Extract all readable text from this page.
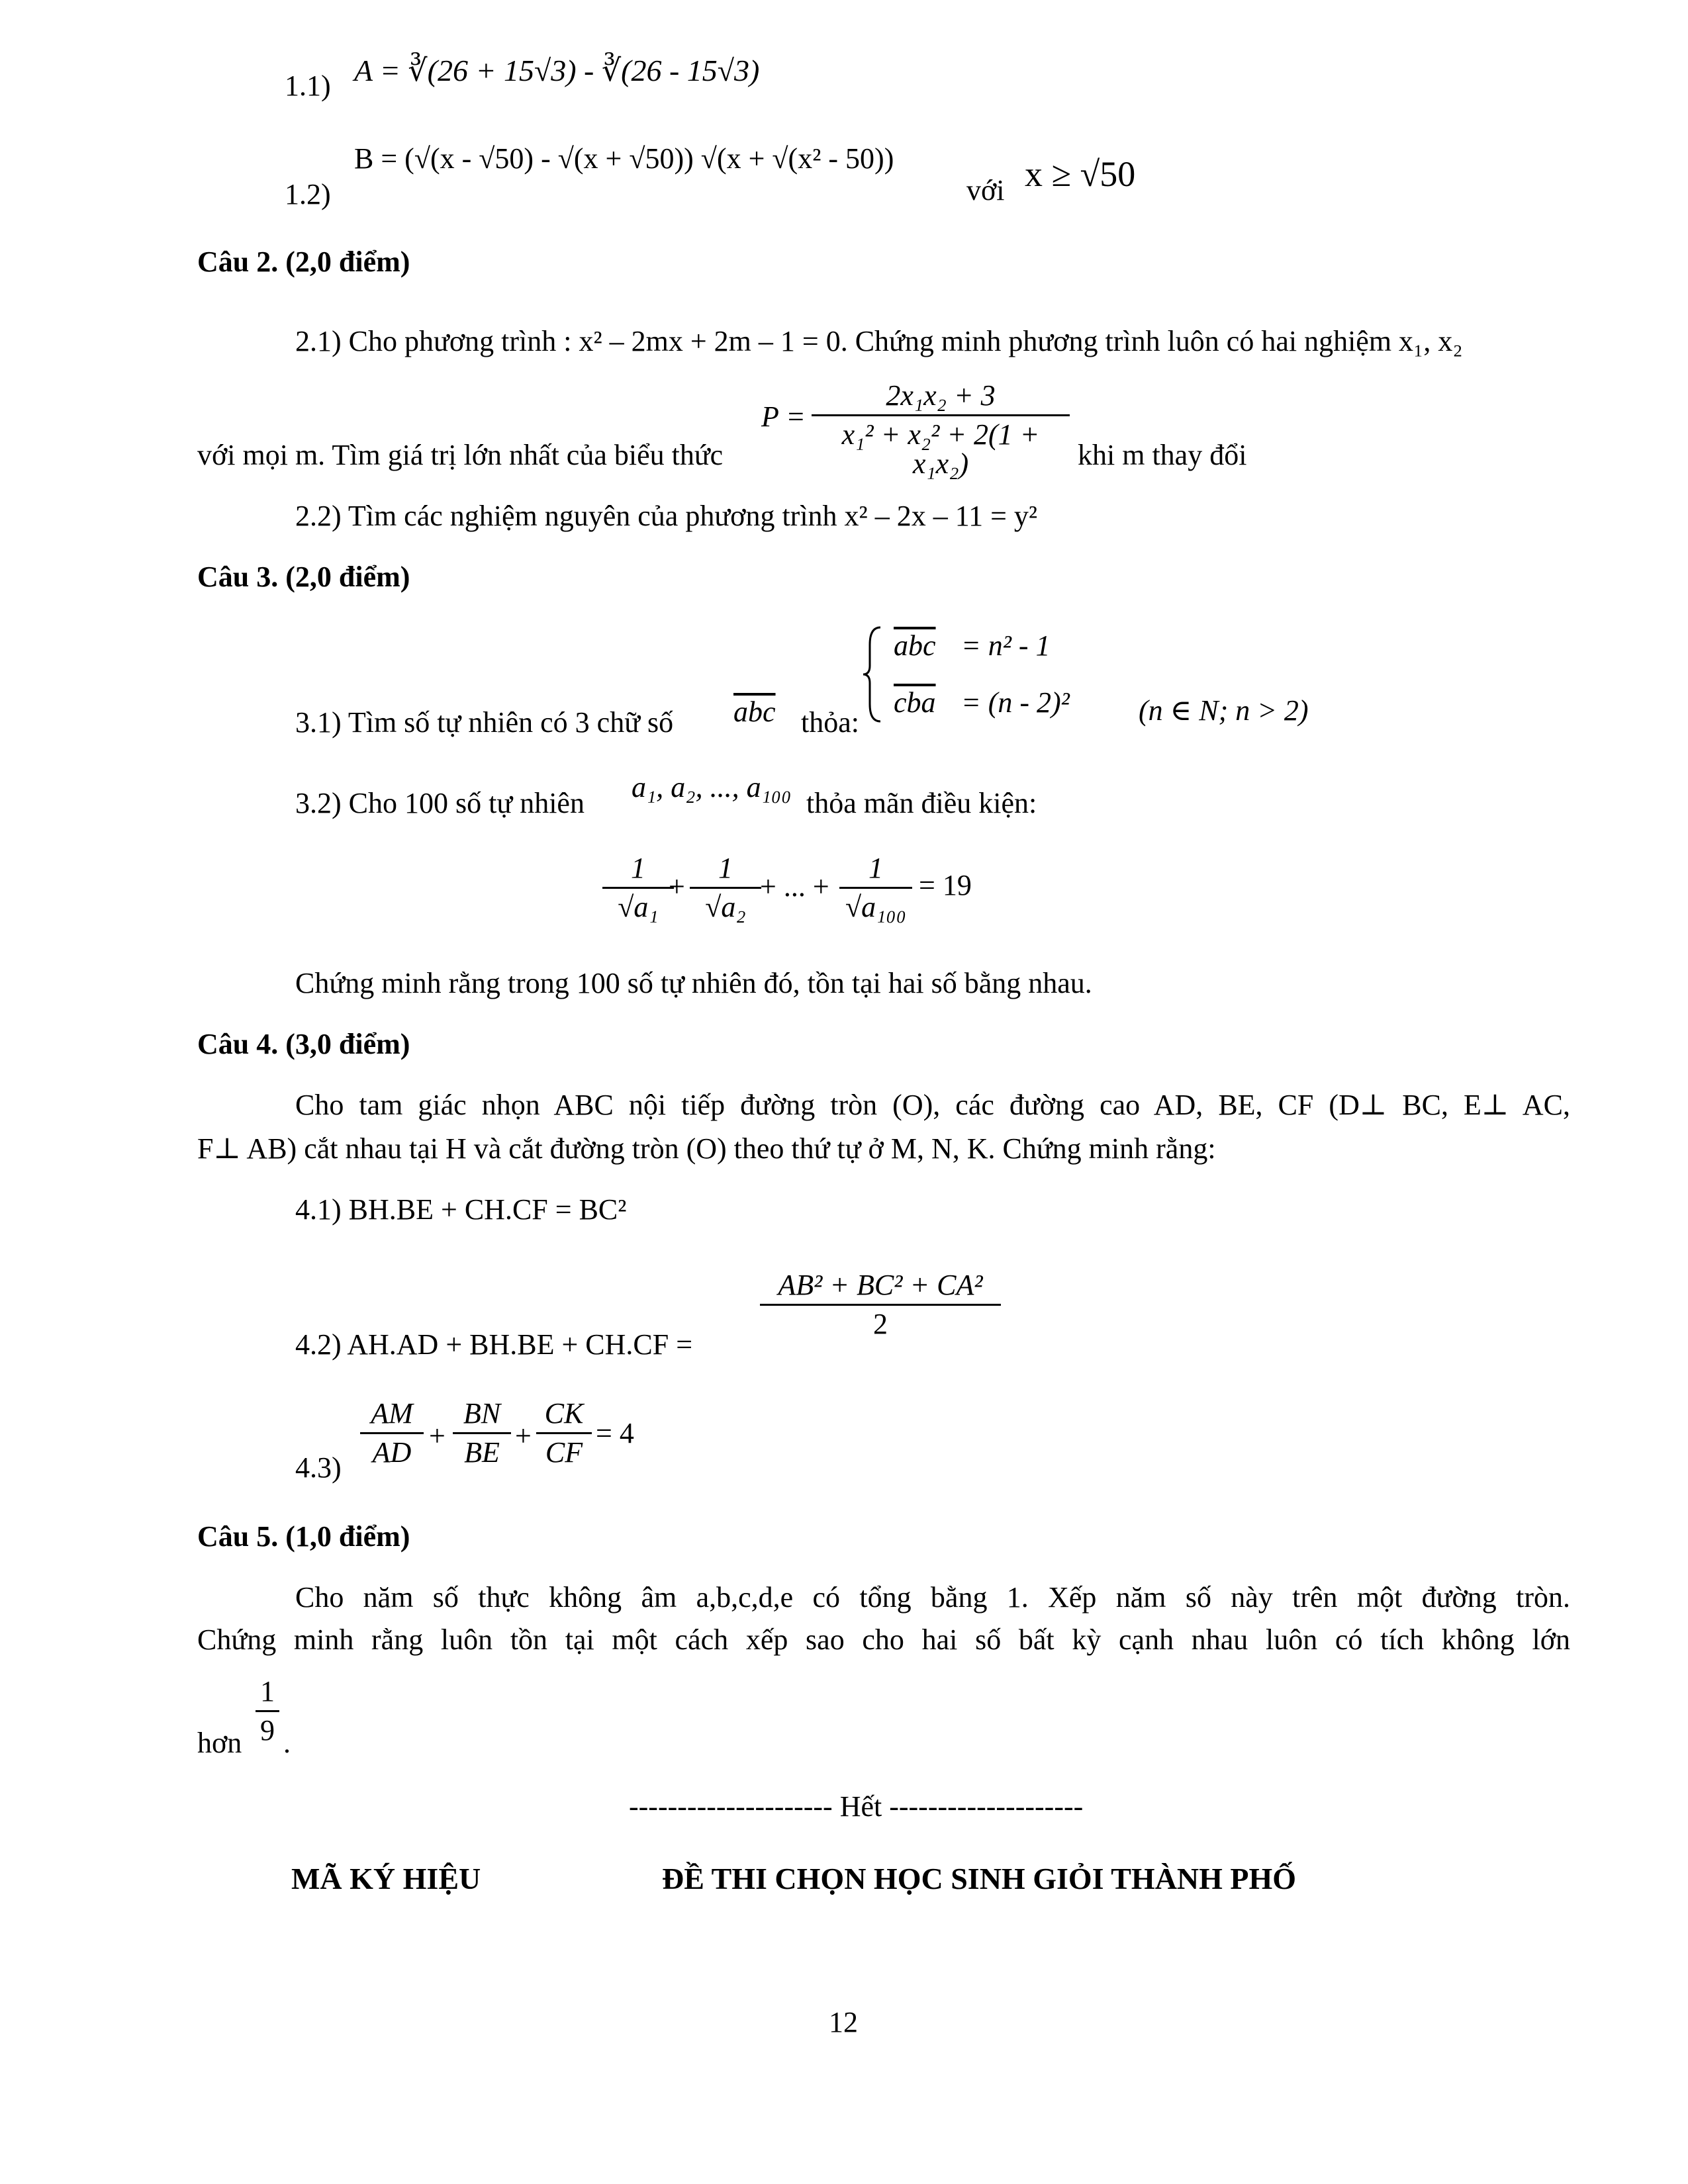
1.1) A = ∛(26 + 15√3) - ∛(26 - 15√3)
1.2)
B = (√(x - √50) - √(x + √50)) √(x + √(x² - 50))
với x ≥ √50
Câu 2. (2,0 điểm)
2.1) Cho phương trình : x² – 2mx + 2m – 1 = 0. Chứng minh phương trình luôn có hai nghiệm x₁, x₂
P =
2x₁x₂ + 3
x₁² + x₂² + 2(1 + x₁x₂)
với mọi m. Tìm giá trị lớn nhất của biểu thức	khi m thay đổi
2.2) Tìm các nghiệm nguyên của phương trình x² – 2x – 11 = y²
Câu 3. (2,0 điểm)
3.1) Tìm số tự nhiên có 3 chữ số $\overline{abc}$ thỏa:
$\overline{abc} = n^2 - 1$
$\overline{cba} = (n - 2)^2$ (n ∈ N; n > 2)
3.2) Cho 100 số tự nhiên a₁, a₂, ..., a₁₀₀ thỏa mãn điều kiện:
1
√a₁
+
1
√a₂
+ ... +
1
√a₁₀₀
= 19
Chứng minh rằng trong 100 số tự nhiên đó, tồn tại hai số bằng nhau.
Câu 4. (3,0 điểm)
Cho tam giác nhọn ABC nội tiếp đường tròn (O), các đường cao AD, BE, CF (D⊥ BC, E⊥ AC,
F⊥ AB) cắt nhau tại H và cắt đường tròn (O) theo thứ tự ở M, N, K. Chứng minh rằng:
4.1) BH.BE + CH.CF = BC²
4.2) AH.AD + BH.BE + CH.CF =
AB² + BC² + CA²
2
4.3)
AM
AD
+
BN
BE
+
CK
CF
= 4
Câu 5. (1,0 điểm)
Cho năm số thực không âm a,b,c,d,e có tổng bằng 1. Xếp năm số này trên một đường tròn.
Chứng minh rằng luôn tồn tại một cách xếp sao cho hai số bất kỳ cạnh nhau luôn có tích không lớn
hơn
1
9 .
--------------------- Hết --------------------
MÃ KÝ HIỆU	ĐỀ THI CHỌN HỌC SINH GIỎI THÀNH PHỐ
12
